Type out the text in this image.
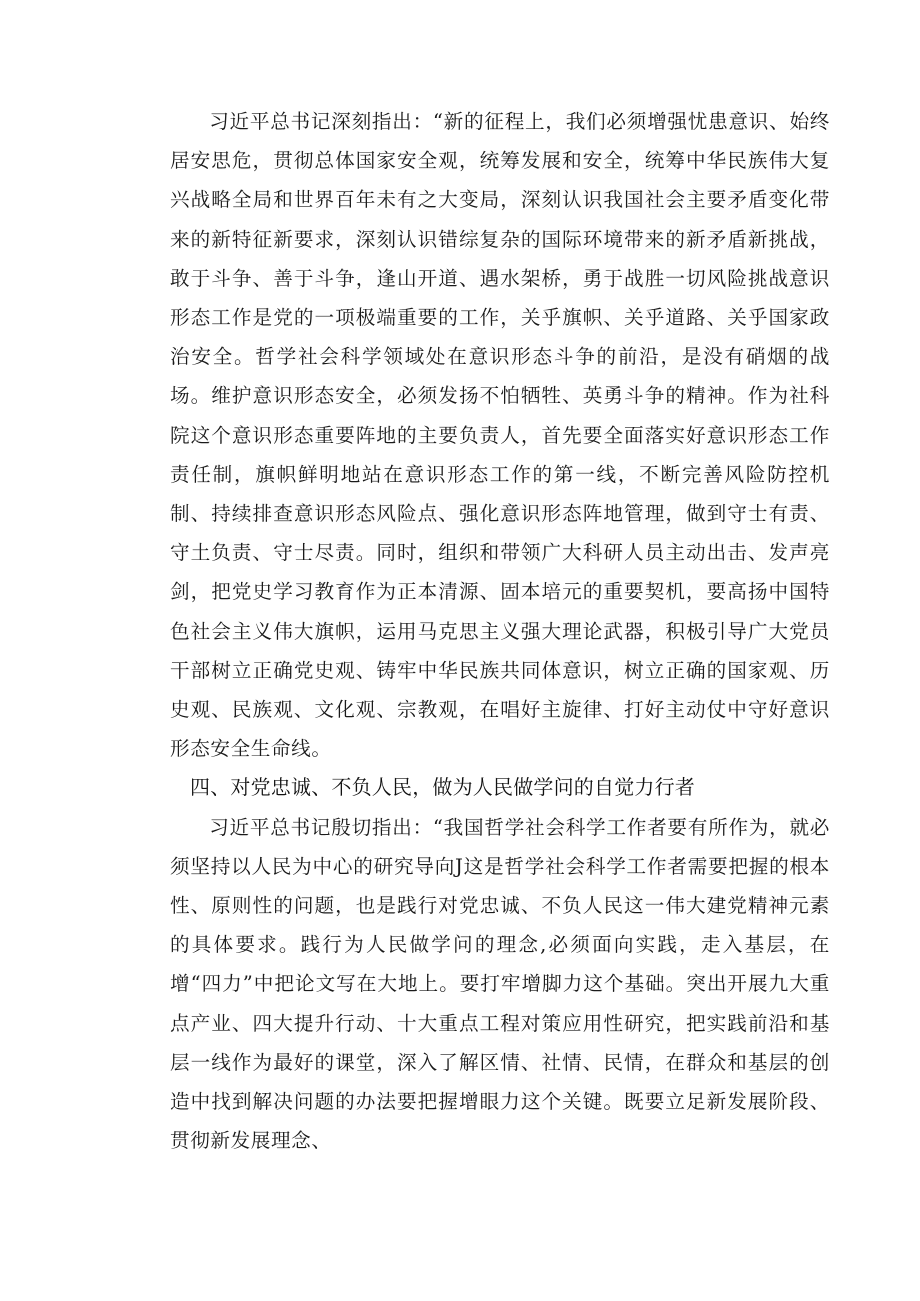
习近平总书记深刻指出：“新的征程上，我们必须增强忧患意识、始终居安思危，贯彻总体国家安全观，统筹发展和安全，统筹中华民族伟大复兴战略全局和世界百年未有之大变局，深刻认识我国社会主要矛盾变化带来的新特征新要求，深刻认识错综复杂的国际环境带来的新矛盾新挑战，敢于斗争、善于斗争，逢山开道、遇水架桥，勇于战胜一切风险挑战意识形态工作是党的一项极端重要的工作，关乎旗帜、关乎道路、关乎国家政治安全。哲学社会科学领域处在意识形态斗争的前沿，是没有硝烟的战场。维护意识形态安全，必须发扬不怕牺牲、英勇斗争的精神。作为社科院这个意识形态重要阵地的主要负责人，首先要全面落实好意识形态工作责任制，旗帜鲜明地站在意识形态工作的第一线，不断完善风险防控机制、持续排查意识形态风险点、强化意识形态阵地管理，做到守士有责、守土负责、守士尽责。同时，组织和带领广大科研人员主动出击、发声亮剑，把党史学习教育作为正本清源、固本培元的重要契机，要高扬中国特色社会主义伟大旗帜，运用马克思主义强大理论武器，积极引导广大党员干部树立正确党史观、铸牢中华民族共同体意识，树立正确的国家观、历史观、民族观、文化观、宗教观，在唱好主旋律、打好主动仗中守好意识形态安全生命线。

四、对党忠诚、不负人民，做为人民做学问的自觉力行者

习近平总书记殷切指出：“我国哲学社会科学工作者要有所作为，就必须坚持以人民为中心的研究导向J这是哲学社会科学工作者需要把握的根本性、原则性的问题，也是践行对党忠诚、不负人民这一伟大建党精神元素的具体要求。践行为人民做学问的理念,必须面向实践，走入基层，在增“四力”中把论文写在大地上。要打牢增脚力这个基础。突出开展九大重点产业、四大提升行动、十大重点工程对策应用性研究，把实践前沿和基层一线作为最好的课堂，深入了解区情、社情、民情，在群众和基层的创造中找到解决问题的办法要把握增眼力这个关键。既要立足新发展阶段、贯彻新发展理念、
